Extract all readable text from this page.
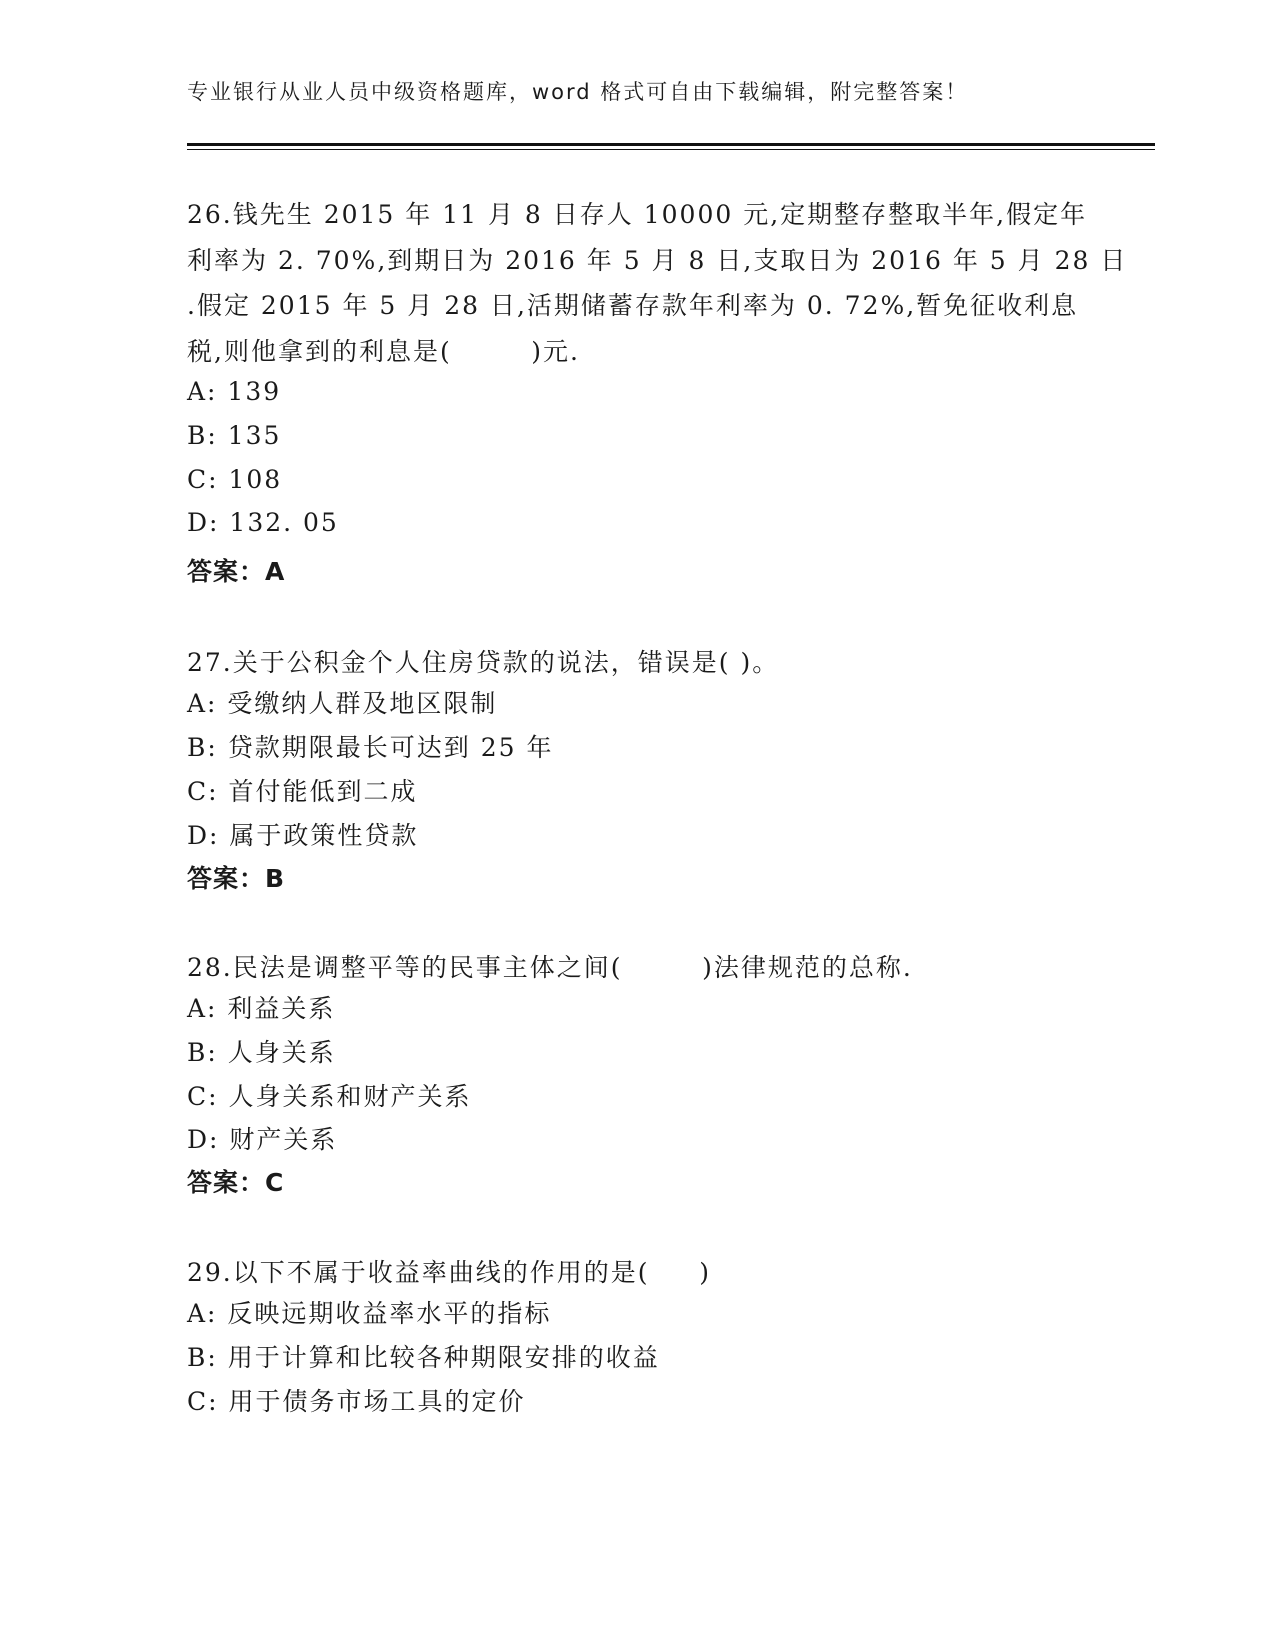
专业银行从业人员中级资格题库，word 格式可自由下载编辑，附完整答案！
26.钱先生 2015 年 11 月 8 日存人 10000 元,定期整存整取半年,假定年
利率为 2. 70%,到期日为 2016 年 5 月 8 日,支取日为 2016 年 5 月 28 日
.假定 2015 年 5 月 28 日,活期储蓄存款年利率为 0. 72%,暂免征收利息
税,则他拿到的利息是(        )元.
A: 139
B: 135
C: 108
D: 132. 05
答案：A
27.关于公积金个人住房贷款的说法，错误是( )。
A: 受缴纳人群及地区限制
B: 贷款期限最长可达到 25 年
C: 首付能低到二成
D: 属于政策性贷款
答案：B
28.民法是调整平等的民事主体之间(        )法律规范的总称.
A: 利益关系
B: 人身关系
C: 人身关系和财产关系
D: 财产关系
答案：C
29.以下不属于收益率曲线的作用的是(     )
A: 反映远期收益率水平的指标
B: 用于计算和比较各种期限安排的收益
C: 用于债务市场工具的定价
